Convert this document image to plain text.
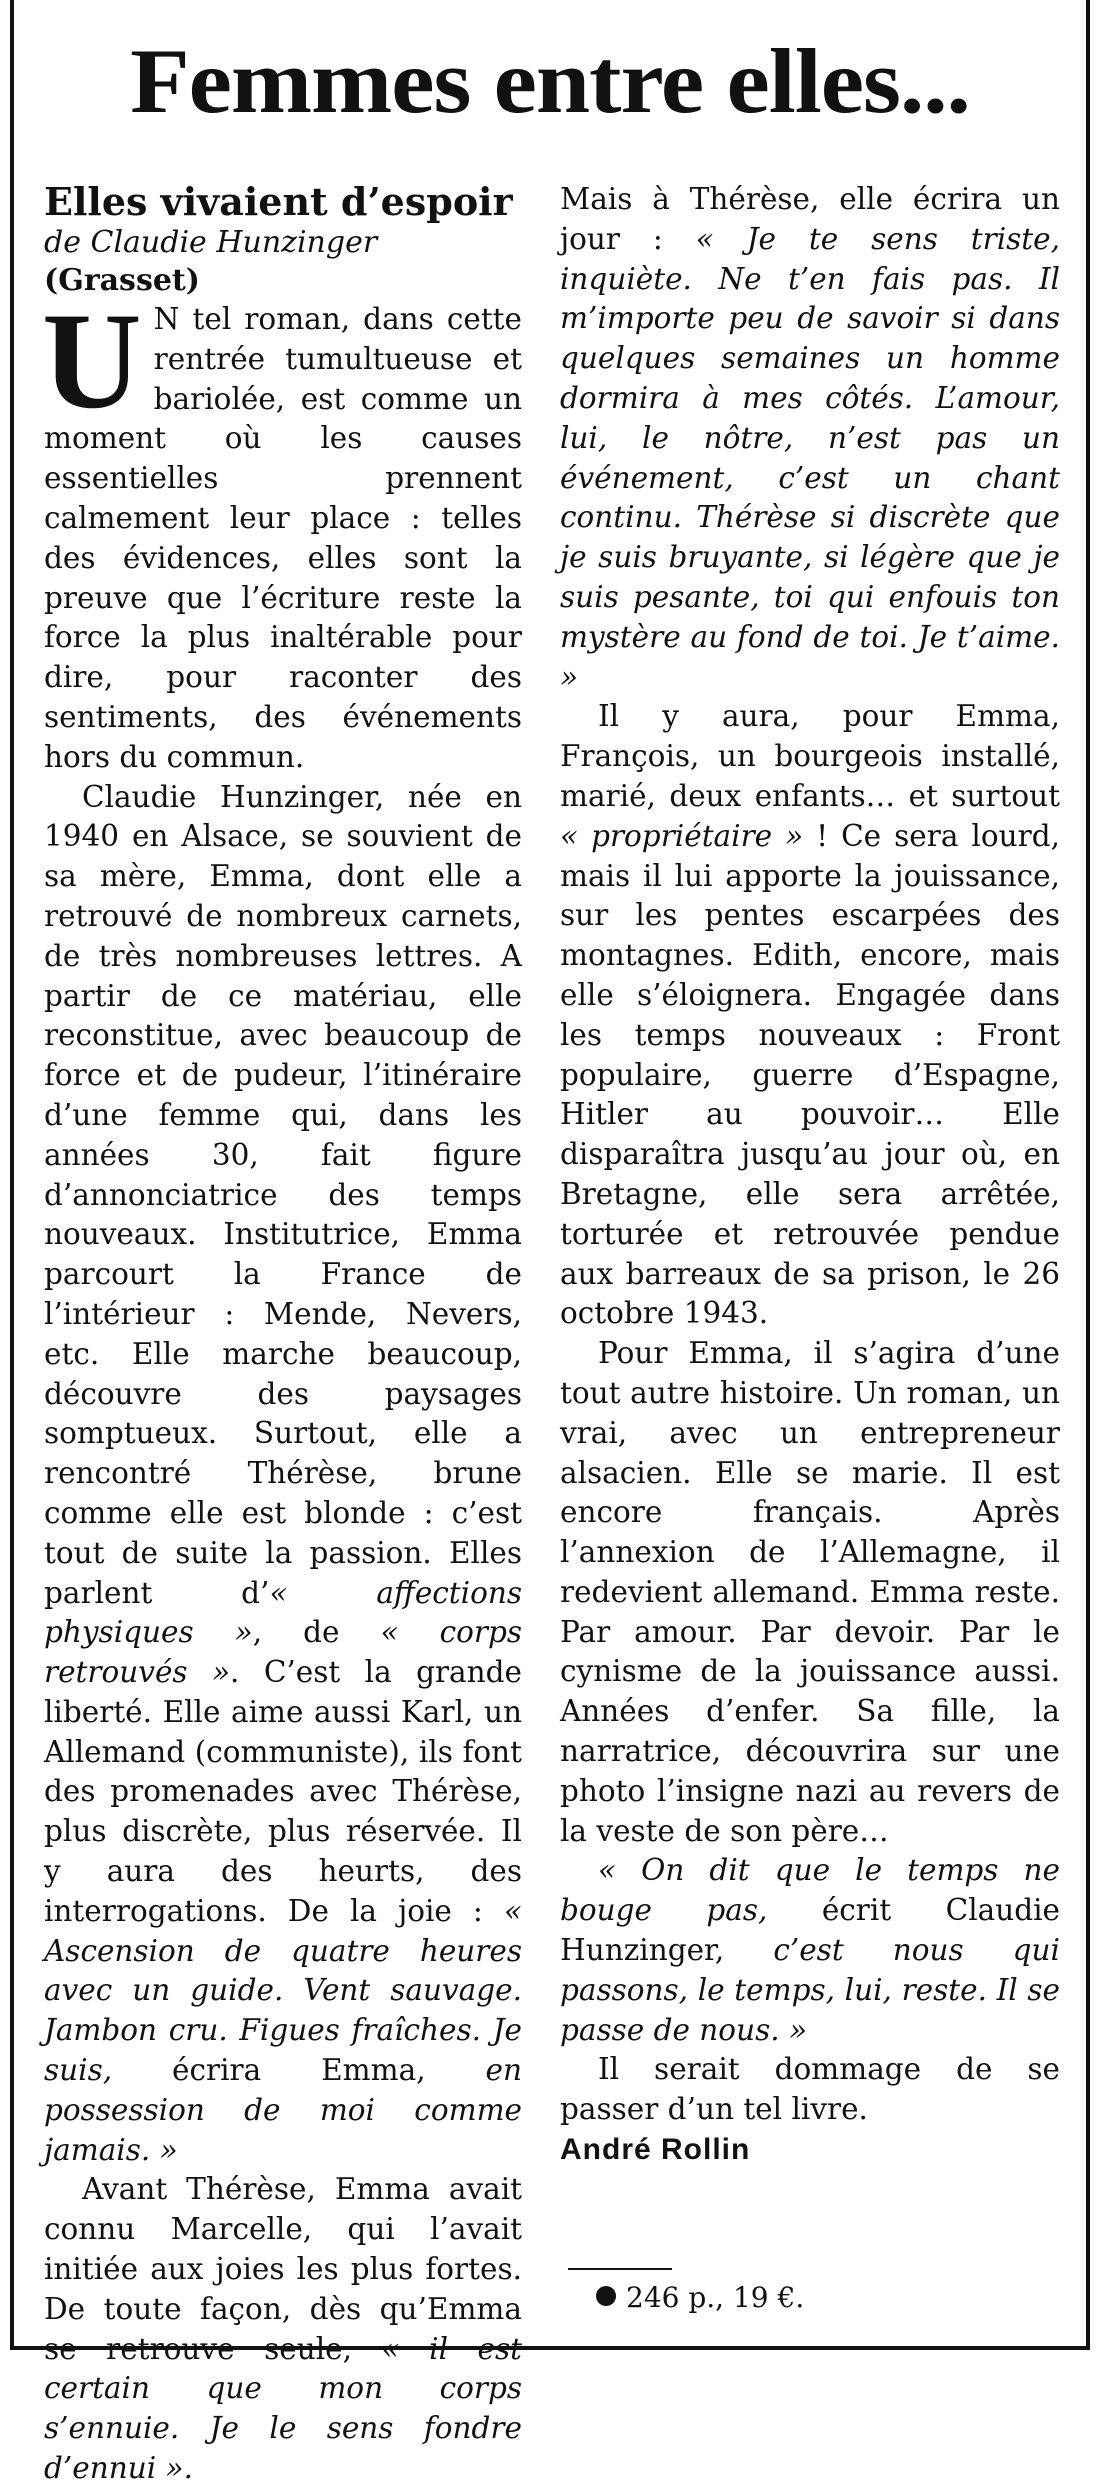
Femmes entre elles...

Elles vivaient d’espoir

de Claudie Hunzinger

(Grasset)

U N tel roman, dans cette rentrée tumultueuse et bariolée, est comme un moment où les causes essentielles prennent calmement leur place : telles des évidences, elles sont la preuve que l’écriture reste la force la plus inaltérable pour dire, pour raconter des sentiments, des événements hors du commun.

Claudie Hunzinger, née en 1940 en Alsace, se souvient de sa mère, Emma, dont elle a retrouvé de nombreux carnets, de très nombreuses lettres. A partir de ce matériau, elle reconstitue, avec beaucoup de force et de pudeur, l’itinéraire d’une femme qui, dans les années 30, fait figure d’annonciatrice des temps nouveaux. Institutrice, Emma parcourt la France de l’intérieur : Mende, Nevers, etc. Elle marche beaucoup, découvre des paysages somptueux. Surtout, elle a rencontré Thérèse, brune comme elle est blonde : c’est tout de suite la passion. Elles parlent d’« affections physiques », de « corps retrouvés ». C’est la grande liberté. Elle aime aussi Karl, un Allemand (communiste), ils font des promenades avec Thérèse, plus discrète, plus réservée. Il y aura des heurts, des interrogations. De la joie : « Ascension de quatre heures avec un guide. Vent sauvage. Jambon cru. Figues fraîches. Je suis, écrira Emma, en possession de moi comme jamais. »

Avant Thérèse, Emma avait connu Marcelle, qui l’avait initiée aux joies les plus fortes. De toute façon, dès qu’Emma se retrouve seule, « il est certain que mon corps s’ennuie. Je le sens fondre d’ennui ».

Mais à Thérèse, elle écrira un jour : « Je te sens triste, inquiète. Ne t’en fais pas. Il m’importe peu de savoir si dans quelques semaines un homme dormira à mes côtés. L’amour, lui, le nôtre, n’est pas un événement, c’est un chant continu. Thérèse si discrète que je suis bruyante, si légère que je suis pesante, toi qui enfouis ton mystère au fond de toi. Je t’aime. »

Il y aura, pour Emma, François, un bourgeois installé, marié, deux enfants… et surtout « propriétaire » ! Ce sera lourd, mais il lui apporte la jouissance, sur les pentes escarpées des montagnes. Edith, encore, mais elle s’éloignera. Engagée dans les temps nouveaux : Front populaire, guerre d’Espagne, Hitler au pouvoir… Elle disparaîtra jusqu’au jour où, en Bretagne, elle sera arrêtée, torturée et retrouvée pendue aux barreaux de sa prison, le 26 octobre 1943.

Pour Emma, il s’agira d’une tout autre histoire. Un roman, un vrai, avec un entrepreneur alsacien. Elle se marie. Il est encore français. Après l’annexion de l’Allemagne, il redevient allemand. Emma reste. Par amour. Par devoir. Par le cynisme de la jouissance aussi. Années d’enfer. Sa fille, la narratrice, découvrira sur une photo l’insigne nazi au revers de la veste de son père…

« On dit que le temps ne bouge pas, écrit Claudie Hunzinger, c’est nous qui passons, le temps, lui, reste. Il se passe de nous. »

Il serait dommage de se passer d’un tel livre.

André Rollin

246 p., 19 €.
